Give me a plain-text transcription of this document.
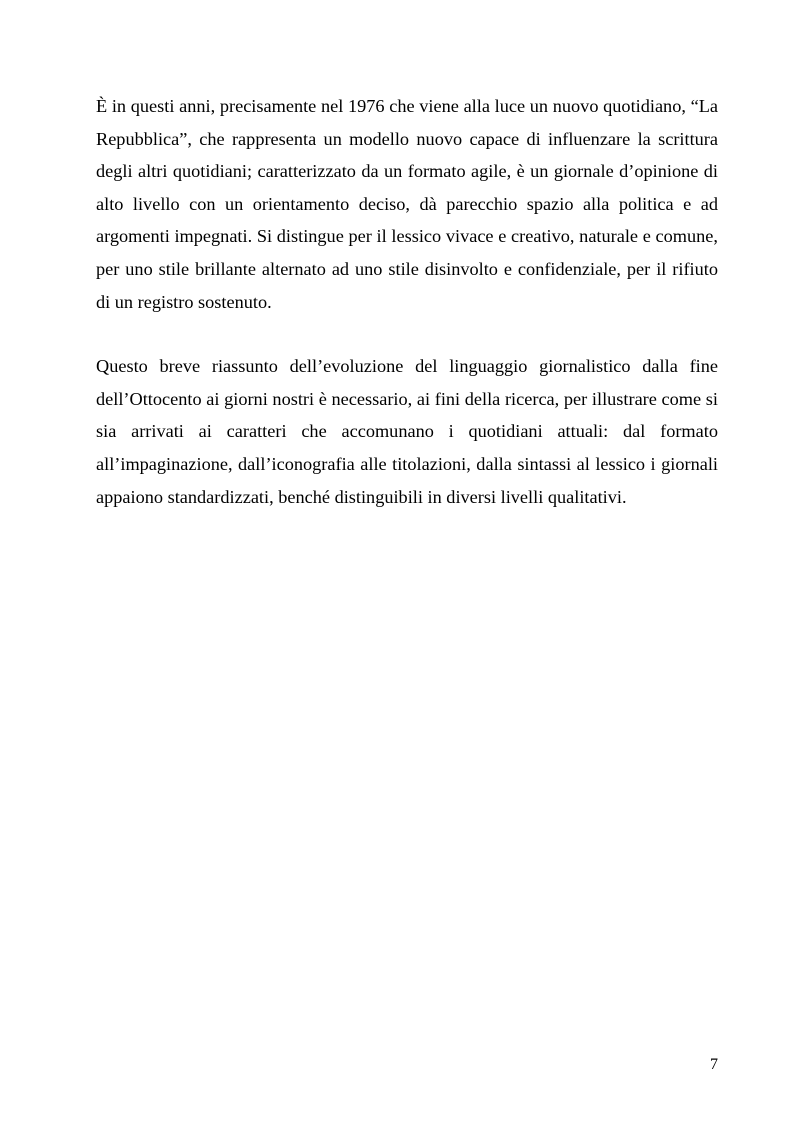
È in questi anni, precisamente nel 1976 che viene alla luce un nuovo quotidiano, “La Repubblica”, che rappresenta un modello nuovo capace di influenzare la scrittura degli altri quotidiani; caratterizzato da un formato agile, è un giornale d’opinione di alto livello con un orientamento deciso, dà parecchio spazio alla politica e ad argomenti impegnati. Si distingue per il lessico vivace e creativo, naturale e comune, per uno stile brillante alternato ad uno stile disinvolto e confidenziale, per il rifiuto di un registro sostenuto.

Questo breve riassunto dell’evoluzione del linguaggio giornalistico dalla fine dell’Ottocento ai giorni nostri è necessario, ai fini della ricerca, per illustrare come si sia arrivati ai caratteri che accomunano i quotidiani attuali: dal formato all’impaginazione, dall’iconografia alle titolazioni, dalla sintassi al lessico i giornali appaiono standardizzati, benché distinguibili in diversi livelli qualitativi.

7
